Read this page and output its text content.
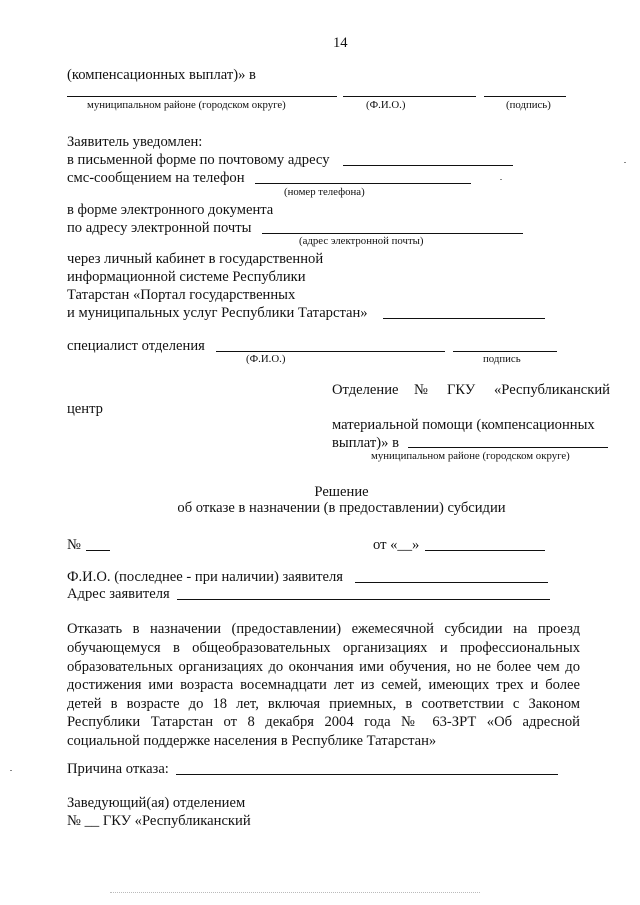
14
(компенсационных выплат)» в
муниципальном районе (городском округе)	(Ф.И.О.)	(подпись)
Заявитель уведомлен:
в письменной форме по почтовому адресу
смс-сообщением на телефон
(номер телефона)
в форме электронного документа
по адресу электронной почты
(адрес электронной почты)
через личный кабинет в государственной
информационной системе Республики
Татарстан «Портал государственных
и муниципальных услуг Республики Татарстан»
специалист отделения
(Ф.И.О.)	подпись
Отделение № ГКУ «Республиканский
центр
материальной помощи (компенсационных
выплат)» в
муниципальном районе (городском округе)
Решение
об отказе в назначении (в предоставлении) субсидии
№	от «__»
Ф.И.О. (последнее - при наличии) заявителя
Адрес заявителя
Отказать в назначении (предоставлении) ежемесячной субсидии на проезд
обучающемуся в общеобразовательных организациях и профессиональных
образовательных организациях до окончания ими обучения, но не более чем до
достижения ими возраста восемнадцати лет из семей, имеющих трех и более
детей в возрасте до 18 лет, включая приемных, в соответствии с Законом
Республики Татарстан от 8 декабря 2004 года № 63-ЗРТ «Об адресной
социальной поддержке населения в Республике Татарстан»
Причина отказа:
Заведующий(ая) отделением
№ __ ГКУ «Республиканский
